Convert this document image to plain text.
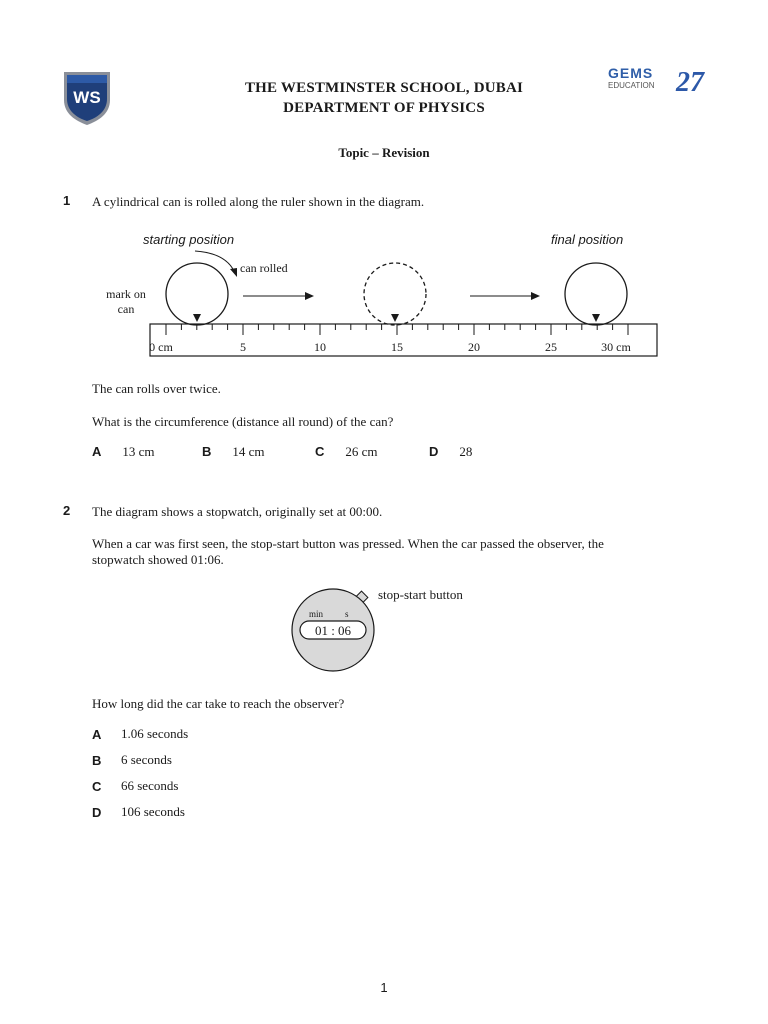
WS	THE WESTMINSTER SCHOOL, DUBAI
DEPARTMENT OF PHYSICS
GEMS
EDUCATION 27
Topic – Revision
1 A cylindrical can is rolled along the ruler shown in the diagram.
starting position	final position
can rolled
mark on
can
0 cm	5	10	15	20	25	30 cm
The can rolls over twice.
What is the circumference (distance all round) of the can?
A 13 cm	B 14 cm	C 26 cm	D 28
2 The diagram shows a stopwatch, originally set at 00:00.
When a car was first seen, the stop-start button was pressed. When the car passed the observer, the
stopwatch showed 01:06.
min s
01 : 06
stop-start button
How long did the car take to reach the observer?
A 1.06 seconds
B 6 seconds
C 66 seconds
D 106 seconds
1
